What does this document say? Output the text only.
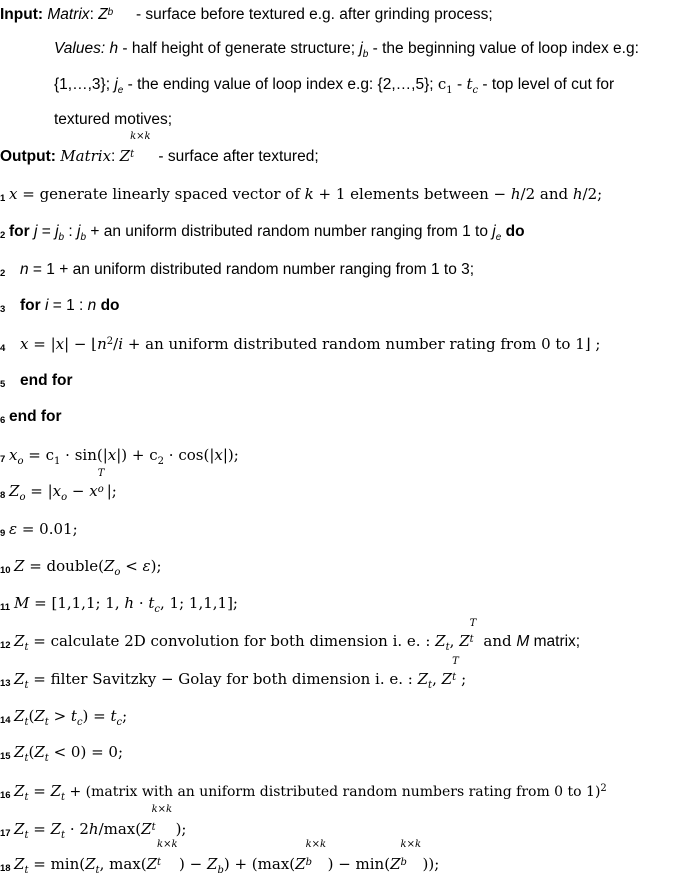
Input: Matrix: Z b - surface before textured e.g. after grinding process;
Values: h - half height of generate structure; $j_b$ - the beginning value of loop index e.g:
{1,…,3}; $j_e$ - the ending value of loop index e.g: {2,…,5}; $c_1 - t_c$ - top level of cut for
textured motives;
Output: Matrix: Z
k×k
t - surface after textured;
1 x = generate linearly spaced vector of k + 1 elements between − h/2 and h/2;
2 for $j = j_b$ : $j_b$ + an uniform distributed random number ranging from 1 to $j_e$ do
2 n = 1 + an uniform distributed random number ranging from 1 to 3;
3 for i = 1 : n do
4 $x = |x| - ⌊n^2/i$ + an uniform distributed random number rating from 0 to 1⌋ ;
5 end for
6 end for
7 $x_o = c_1 \cdot \sin(|x|) + c_2 \cdot \cos(|x|)$;
8 $Z_o = |x_o - x$
T
o |;
9 ε = 0.01;
10 $Z = double(Z_o < \varepsilon)$;
11 M = [1,1,1; 1, $h \cdot t_c$, 1; 1,1,1];
12 $Z_t$ = calculate 2D convolution for both dimension i. e. : $Z_t$, Z
T
t and M matrix;
13 $Z_t$ = filter Savitzky − Golay for both dimension i. e. : $Z_t$, Z
T
t ;
14 $Z_t(Z_t > t_c) = t_c$;
15 $Z_t(Z_t < 0) = 0$;
16 $Z_t = Z_t$ + (matrix with an uniform distributed random numbers rating from 0 to 1)$^2$
17 $Z_t = Z_t \cdot 2h/\max(Z$
k×k
t );
18 $Z_t = \min(Z_t$, max(Z
k×k
t ) − $Z_b) + (\max(Z$
k×k
b ) − min(Z
k×k
b ));
